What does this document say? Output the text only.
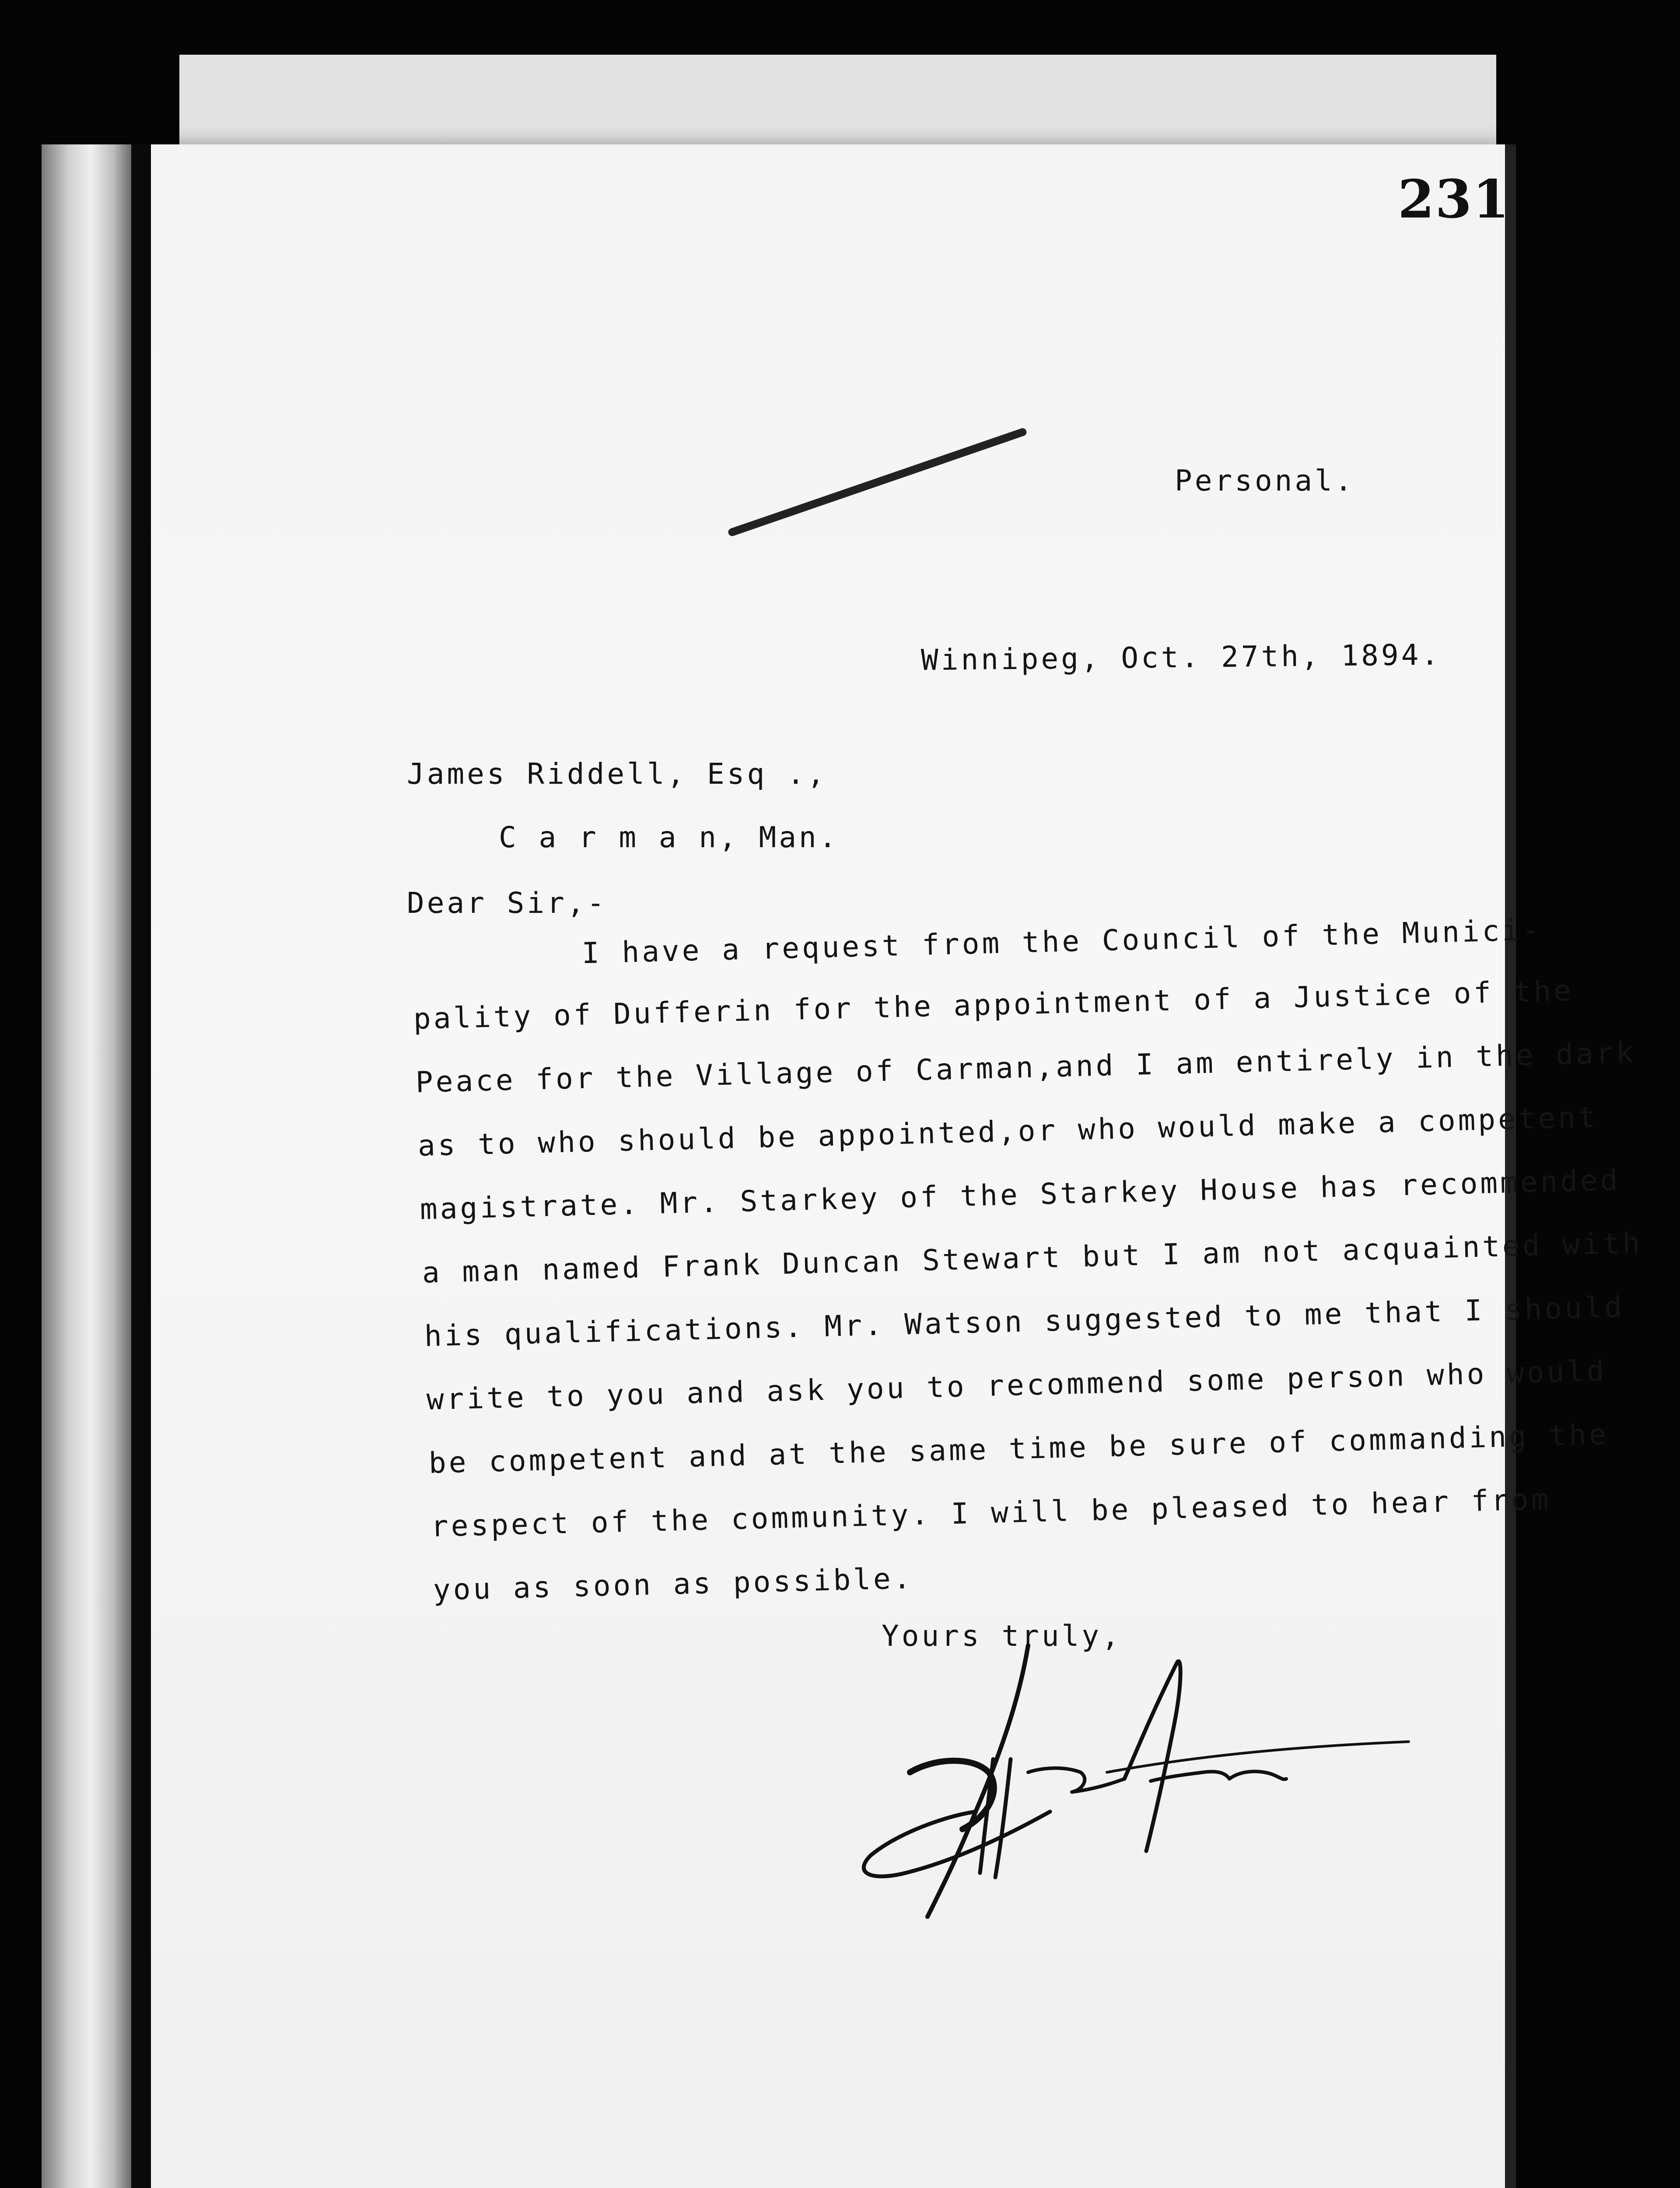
231
Personal.
Winnipeg, Oct. 27th, 1894.
James Riddell, Esq .,
C a r m a n, Man.
Dear Sir,-
I have a request from the Council of the Munici-
pality of Dufferin for the appointment of a Justice of the
Peace for the Village of Carman,and I am entirely in the dark
as to who should be appointed,or who would make a competent
magistrate. Mr. Starkey of the Starkey House has recommended
a man named Frank Duncan Stewart but I am not acquainted with
his qualifications. Mr. Watson suggested to me that I should
write to you and ask you to recommend some person who would
be competent and at the same time be sure of commanding the
respect of the community. I will be pleased to hear from
you as soon as possible.
Yours truly,
